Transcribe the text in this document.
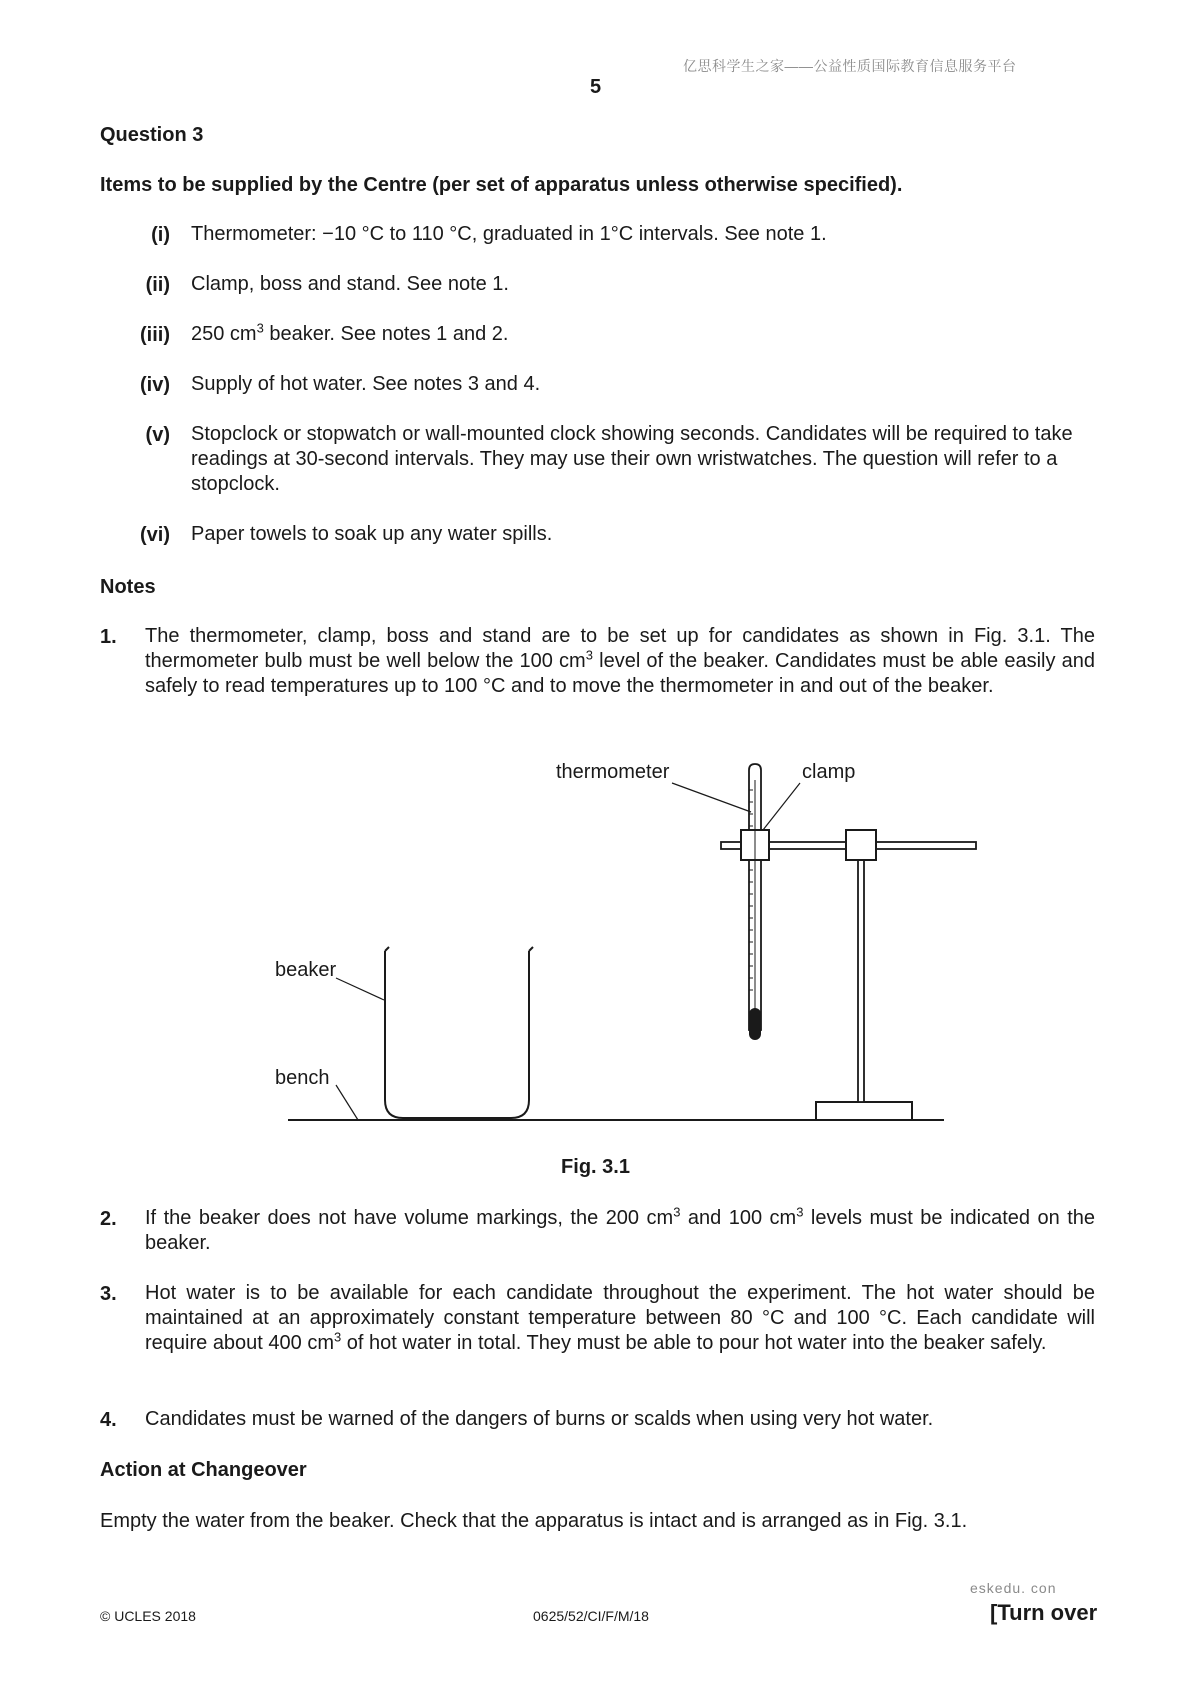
亿思科学生之家——公益性质国际教育信息服务平台
5
Question 3
Items to be supplied by the Centre (per set of apparatus unless otherwise specified).
(i) Thermometer: −10 °C to 110 °C, graduated in 1°C intervals. See note 1.
(ii) Clamp, boss and stand. See note 1.
(iii) 250 $cm^3$ beaker. See notes 1 and 2.
(iv) Supply of hot water. See notes 3 and 4.
(v) Stopclock or stopwatch or wall-mounted clock showing seconds. Candidates will be required to take readings at 30-second intervals. They may use their own wristwatches. The question will refer to a stopclock.
(vi) Paper towels to soak up any water spills.
Notes
1. The thermometer, clamp, boss and stand are to be set up for candidates as shown in Fig. 3.1. The thermometer bulb must be well below the 100 $cm^3$ level of the beaker. Candidates must be able easily and safely to read temperatures up to 100 °C and to move the thermometer in and out of the beaker.
thermometer	clamp
beaker
bench
Fig. 3.1
2. If the beaker does not have volume markings, the 200 $cm^3$ and 100 $cm^3$ levels must be indicated on the beaker.
3. Hot water is to be available for each candidate throughout the experiment. The hot water should be maintained at an approximately constant temperature between 80 °C and 100 °C. Each candidate will require about 400 $cm^3$ of hot water in total. They must be able to pour hot water into the beaker safely.
4. Candidates must be warned of the dangers of burns or scalds when using very hot water.
Action at Changeover
Empty the water from the beaker. Check that the apparatus is intact and is arranged as in Fig. 3.1.
eskedu. con
© UCLES 2018	0625/52/CI/F/M/18	[Turn over
